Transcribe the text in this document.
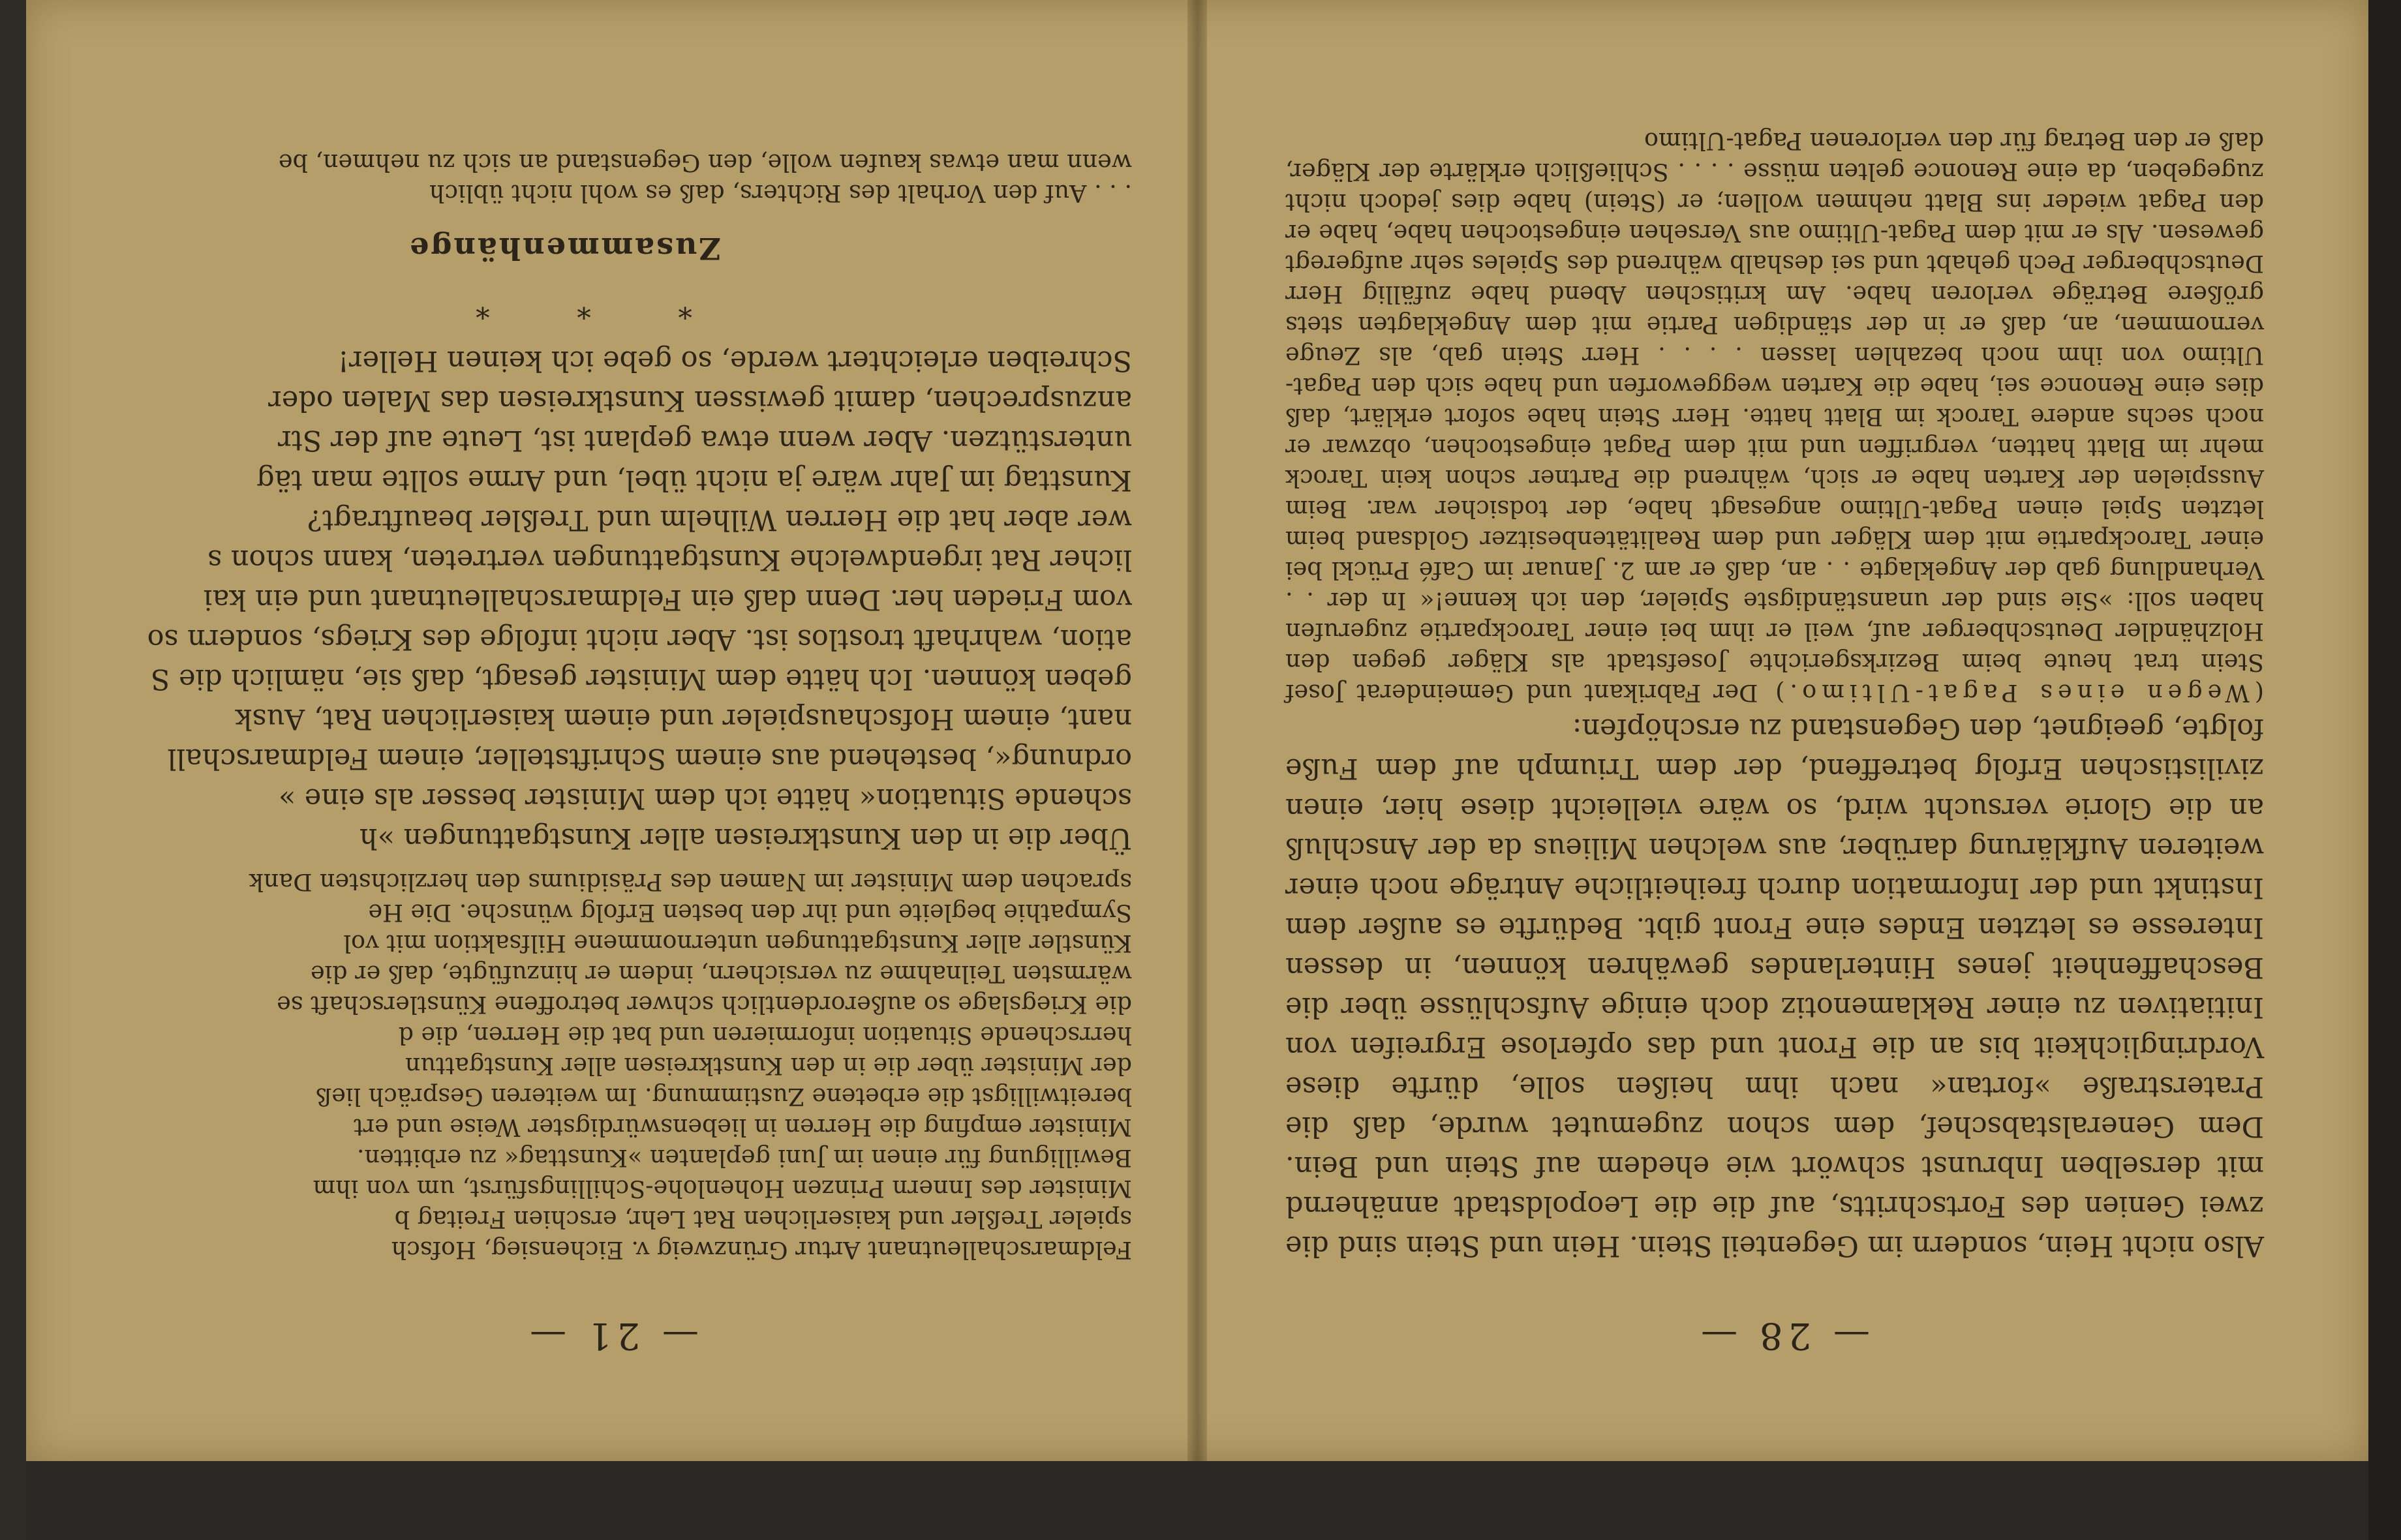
— 28 —

Also nicht Hein, sondern im Gegenteil Stein. Hein und Stein sind die zwei Genien des Fortschritts, auf die die Leopoldstadt annähernd mit derselben Inbrunst schwört wie ehedem auf Stein und Bein. Dem Generalstabschef, dem schon zugemutet wurde, daß die Praterstraße »fortan« nach ihm heißen solle, dürfte diese Vordringlichkeit bis an die Front und das opferlose Ergreifen von Initiativen zu einer Reklamenotiz doch einige Aufschlüsse über die Beschaffenheit jenes Hinterlandes gewähren können, in dessen Interesse es letzten Endes eine Front gibt. Bedürfte es außer dem Instinkt und der Information durch freiheitliche Anträge noch einer weiteren Aufklärung darüber, aus welchen Milieus da der Anschluß an die Glorie versucht wird, so wäre vielleicht diese hier, einen zivilistischen Erfolg betreffend, der dem Triumph auf dem Fuße folgte, geeignet, den Gegenstand zu erschöpfen:

(Wegen eines Pagat-Ultimo.) Der Fabrikant und Gemeinderat Josef Stein trat heute beim Bezirksgerichte Josefstadt als Kläger gegen den Holzhändler Deutschberger auf, weil er ihm bei einer Tarockpartie zugerufen haben soll: »Sie sind der unanständigste Spieler, den ich kenne!« In der . . Verhandlung gab der Angeklagte . . an, daß er am 2. Januar im Café Prückl bei einer Tarockpartie mit dem Kläger und dem Realitätenbesitzer Goldsand beim letzten Spiel einen Pagat-Ultimo angesagt habe, der todsicher war. Beim Ausspielen der Karten habe er sich, während die Partner schon kein Tarock mehr im Blatt hatten, vergriffen und mit dem Pagat eingestochen, obzwar er noch sechs andere Tarock im Blatt hatte. Herr Stein habe sofort erklärt, daß dies eine Renonce sei, habe die Karten weggeworfen und habe sich den Pagat-Ultimo von ihm noch bezahlen lassen . . . . Herr Stein gab, als Zeuge vernommen, an, daß er in der ständigen Partie mit dem Angeklagten stets größere Beträge verloren habe. Am kritischen Abend habe zufällig Herr Deutschberger Pech gehabt und sei deshalb während des Spieles sehr aufgeregt gewesen. Als er mit dem Pagat-Ultimo aus Versehen eingestochen habe, habe er den Pagat wieder ins Blatt nehmen wollen; er (Stein) habe dies jedoch nicht zugegeben, da eine Renonce gelten müsse . . . . Schließlich erklärte der Kläger, daß er den Betrag für den verlorenen Pagat-Ultimo

— 21 —

Feldmarschalleutnant Artur Grünzweig v. Eichensieg, Hofsch
spieler Treßler und kaiserlichen Rat Lehr, erschien Freitag b
Minister des Innern Prinzen Hohenlohe-Schillingsfürst, um von ihm
Bewilligung für einen im Juni geplanten »Kunsttag« zu erbitten.
Minister empfing die Herren in liebenswürdigster Weise und ert
bereitwilligst die erbetene Zustimmung. Im weiteren Gespräch ließ
der Minister über die in den Kunstkreisen aller Kunstgattun
herrschende Situation informieren und bat die Herren, die d
die Kriegslage so außerordentlich schwer betroffene Künstlerschaft se
wärmsten Teilnahme zu versichern, indem er hinzufügte, daß er die
Künstler aller Kunstgattungen unternommene Hilfsaktion mit vol
Sympathie begleite und ihr den besten Erfolg wünsche. Die He
sprachen dem Minister im Namen des Präsidiums den herzlichsten Dank

Über die in den Kunstkreisen aller Kunstgattungen »h
schende Situation« hätte ich dem Minister besser als eine »
ordnung«, bestehend aus einem Schriftsteller, einem Feldmarschall
nant, einem Hofschauspieler und einem kaiserlichen Rat, Ausk
geben können. Ich hätte dem Minister gesagt, daß sie, nämlich die S
ation, wahrhaft trostlos ist. Aber nicht infolge des Kriegs, sondern so
vom Frieden her. Denn daß ein Feldmarschalleutnant und ein kai
licher Rat irgendwelche Kunstgattungen vertreten, kann schon s
wer aber hat die Herren Wilhelm und Treßler beauftragt?
Kunsttag im Jahr wäre ja nicht übel, und Arme sollte man täg
unterstützen. Aber wenn etwa geplant ist, Leute auf der Str
anzusprechen, damit gewissen Kunstkreisen das Malen oder
Schreiben erleichtert werde, so gebe ich keinen Heller!

* * *
Zusammenhänge

. . . Auf den Vorhalt des Richters, daß es wohl nicht üblich
wenn man etwas kaufen wolle, den Gegenstand an sich zu nehmen, be
